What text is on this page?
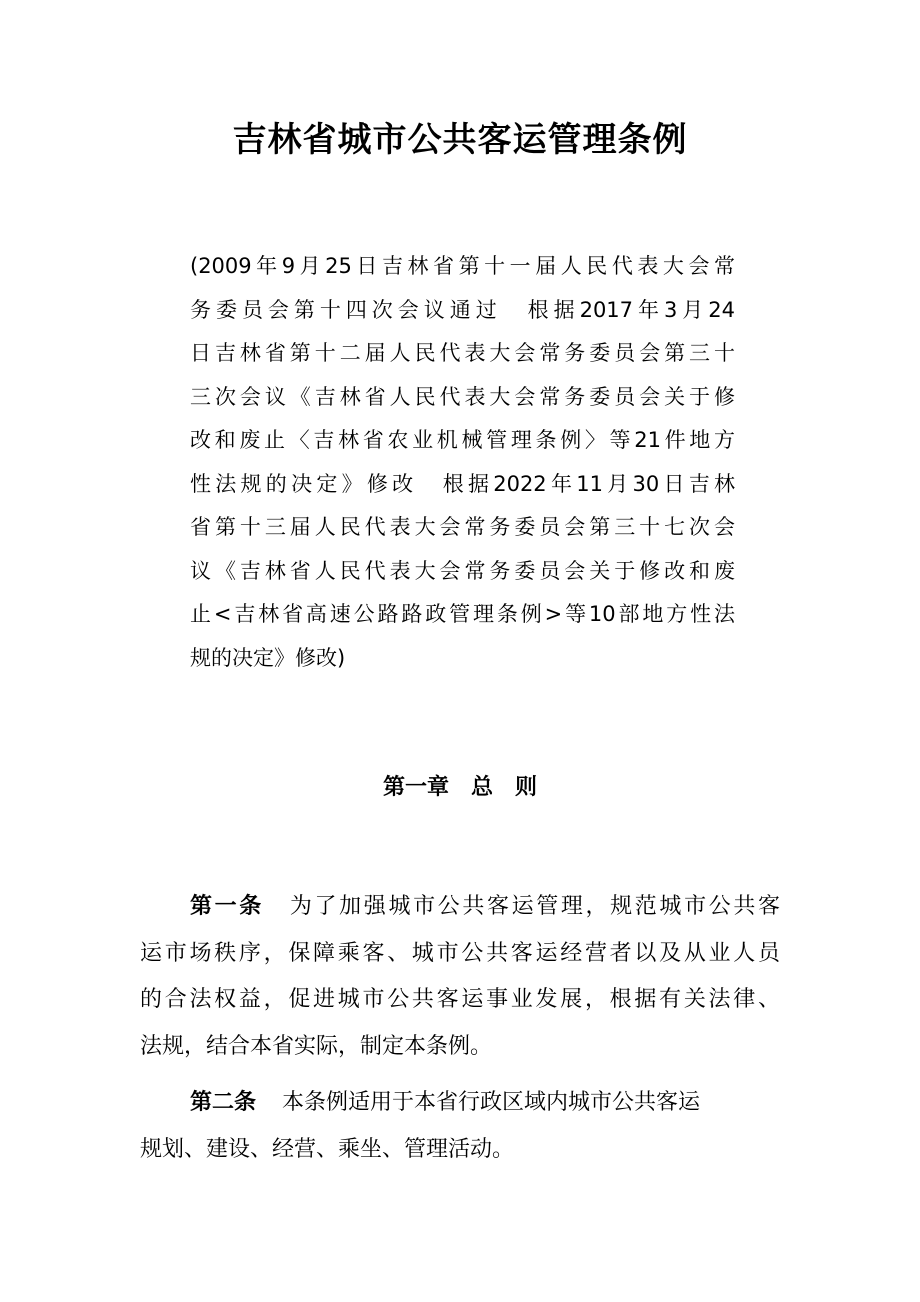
吉林省城市公共客运管理条例
(2009年9月25日吉林省第十一届人民代表大会常
务委员会第十四次会议通过　根据2017年3月24
日吉林省第十二届人民代表大会常务委员会第三十
三次会议《吉林省人民代表大会常务委员会关于修
改和废止〈吉林省农业机械管理条例〉等21件地方
性法规的决定》修改　根据2022年11月30日吉林
省第十三届人民代表大会常务委员会第三十七次会
议《吉林省人民代表大会常务委员会关于修改和废
止<吉林省高速公路路政管理条例>等10部地方性法
规的决定》修改)
第一章　总　则
第一条 为了加强城市公共客运管理，规范城市公共客
运市场秩序，保障乘客、城市公共客运经营者以及从业人员
的合法权益，促进城市公共客运事业发展，根据有关法律、
法规，结合本省实际，制定本条例。
第二条 本条例适用于本省行政区域内城市公共客运
规划、建设、经营、乘坐、管理活动。
